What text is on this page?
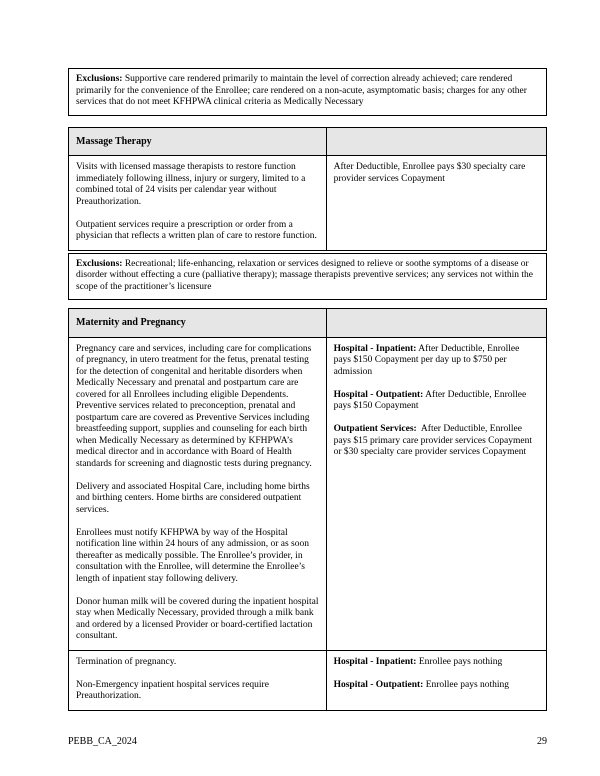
Exclusions: Supportive care rendered primarily to maintain the level of correction already achieved; care rendered primarily for the convenience of the Enrollee; care rendered on a non-acute, asymptomatic basis; charges for any other services that do not meet KFHPWA clinical criteria as Medically Necessary
Massage Therapy

Visits with licensed massage therapists to restore function immediately following illness, injury or surgery, limited to a combined total of 24 visits per calendar year without Preauthorization.

Outpatient services require a prescription or order from a physician that reflects a written plan of care to restore function.

After Deductible, Enrollee pays $30 specialty care provider services Copayment

Exclusions: Recreational; life-enhancing, relaxation or services designed to relieve or soothe symptoms of a disease or disorder without effecting a cure (palliative therapy); massage therapists preventive services; any services not within the scope of the practitioner’s licensure
Maternity and Pregnancy

Pregnancy care and services, including care for complications of pregnancy, in utero treatment for the fetus, prenatal testing for the detection of congenital and heritable disorders when Medically Necessary and prenatal and postpartum care are covered for all Enrollees including eligible Dependents. Preventive services related to preconception, prenatal and postpartum care are covered as Preventive Services including breastfeeding support, supplies and counseling for each birth when Medically Necessary as determined by KFHPWA’s medical director and in accordance with Board of Health standards for screening and diagnostic tests during pregnancy.

Delivery and associated Hospital Care, including home births and birthing centers. Home births are considered outpatient services.

Enrollees must notify KFHPWA by way of the Hospital notification line within 24 hours of any admission, or as soon thereafter as medically possible. The Enrollee’s provider, in consultation with the Enrollee, will determine the Enrollee’s length of inpatient stay following delivery.

Donor human milk will be covered during the inpatient hospital stay when Medically Necessary, provided through a milk bank and ordered by a licensed Provider or board-certified lactation consultant.

Hospital - Inpatient: After Deductible, Enrollee pays $150 Copayment per day up to $750 per admission

Hospital - Outpatient: After Deductible, Enrollee pays $150 Copayment

Outpatient Services:  After Deductible, Enrollee pays $15 primary care provider services Copayment or $30 specialty care provider services Copayment

Termination of pregnancy.

Non-Emergency inpatient hospital services require Preauthorization.

Hospital - Inpatient: Enrollee pays nothing

Hospital - Outpatient: Enrollee pays nothing

PEBB_CA_2024	29
